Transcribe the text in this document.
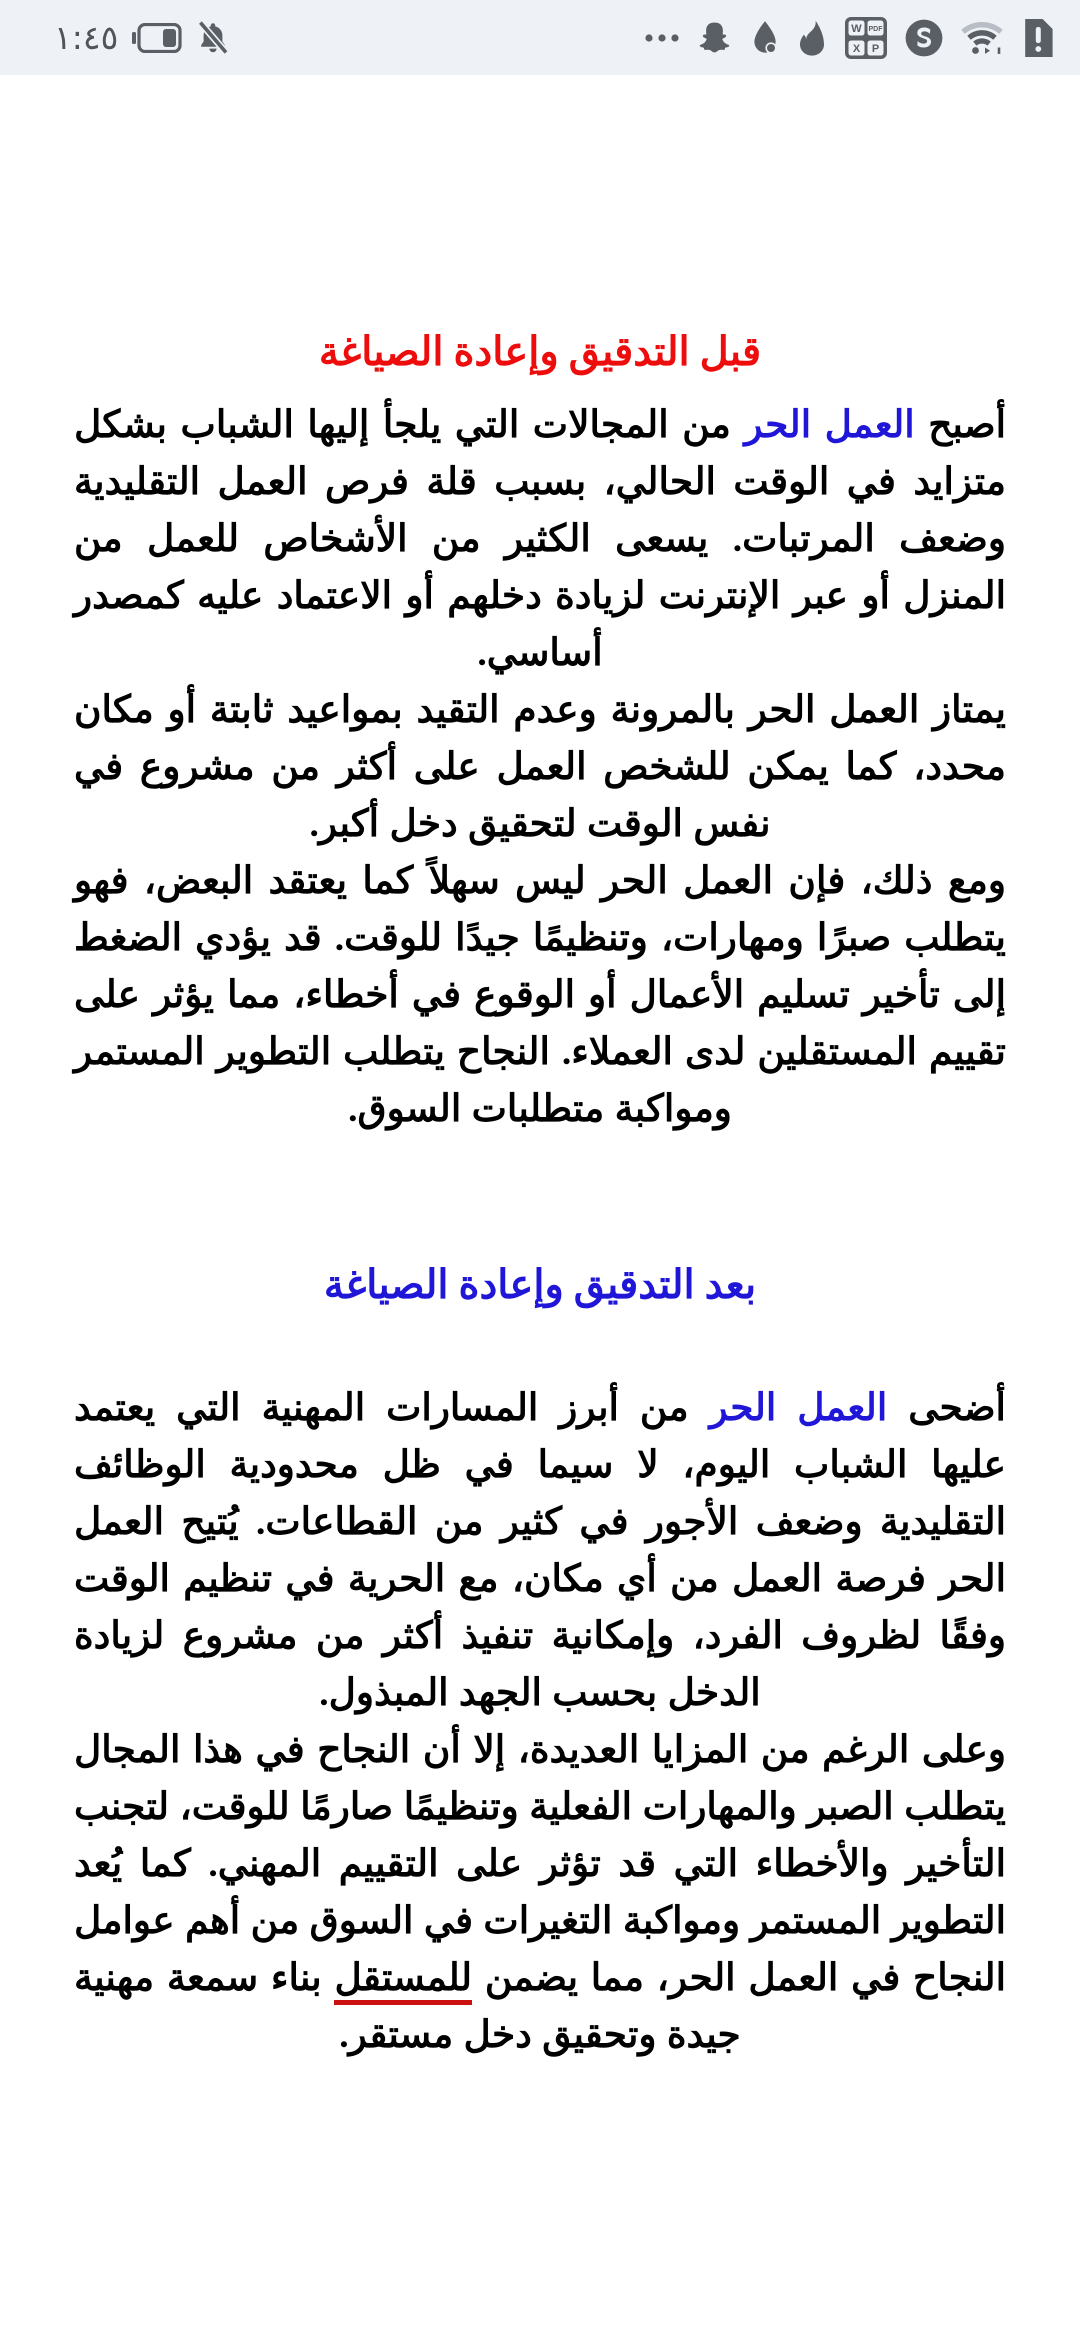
١:٤٥	W PDF
X P
قبل التدقيق وإعادة الصياغة

أصبح العمل الحر من المجالات التي يلجأ إليها الشباب بشكل متزايد في الوقت الحالي، بسبب قلة فرص العمل التقليدية وضعف المرتبات. يسعى الكثير من الأشخاص للعمل من المنزل أو عبر الإنترنت لزيادة دخلهم أو الاعتماد عليه كمصدر أساسي.

يمتاز العمل الحر بالمرونة وعدم التقيد بمواعيد ثابتة أو مكان محدد، كما يمكن للشخص العمل على أكثر من مشروع في نفس الوقت لتحقيق دخل أكبر.

ومع ذلك، فإن العمل الحر ليس سهلاً كما يعتقد البعض، فهو يتطلب صبرًا ومهارات، وتنظيمًا جيدًا للوقت. قد يؤدي الضغط إلى تأخير تسليم الأعمال أو الوقوع في أخطاء، مما يؤثر على تقييم المستقلين لدى العملاء. النجاح يتطلب التطوير المستمر ومواكبة متطلبات السوق.

بعد التدقيق وإعادة الصياغة

أضحى العمل الحر من أبرز المسارات المهنية التي يعتمد عليها الشباب اليوم، لا سيما في ظل محدودية الوظائف التقليدية وضعف الأجور في كثير من القطاعات. يُتيح العمل الحر فرصة العمل من أي مكان، مع الحرية في تنظيم الوقت وفقًا لظروف الفرد، وإمكانية تنفيذ أكثر من مشروع لزيادة الدخل بحسب الجهد المبذول.

وعلى الرغم من المزايا العديدة، إلا أن النجاح في هذا المجال يتطلب الصبر والمهارات الفعلية وتنظيمًا صارمًا للوقت، لتجنب التأخير والأخطاء التي قد تؤثر على التقييم المهني. كما يُعد التطوير المستمر ومواكبة التغيرات في السوق من أهم عوامل النجاح في العمل الحر، مما يضمن للمستقل بناء سمعة مهنية جيدة وتحقيق دخل مستقر.
